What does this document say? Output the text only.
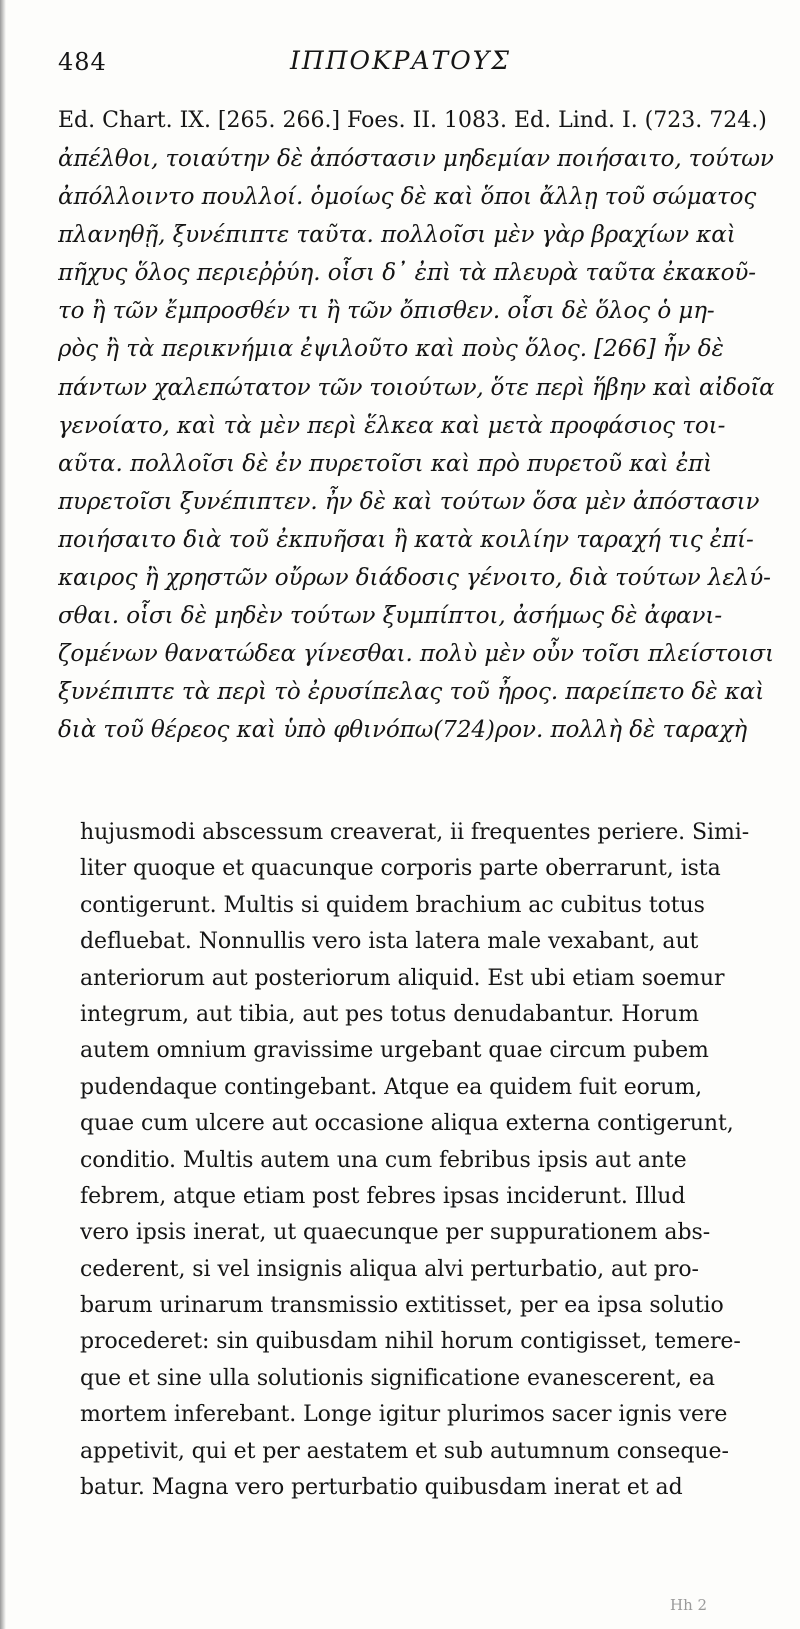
484	ΙΠΠΟΚΡΑΤΟΥΣ
Ed. Chart. IX. [265. 266.] Foes. II. 1083. Ed. Lind. I. (723. 724.)
ἀπέλθοι, τοιαύτην δὲ ἀπόστασιν μηδεμίαν ποιήσαιτο, τούτων
ἀπόλλοιντο πουλλοί. ὁμοίως δὲ καὶ ὅποι ἄλλῃ τοῦ σώματος
πλανηθῇ, ξυνέπιπτε ταῦτα. πολλοῖσι μὲν γὰρ βραχίων καὶ
πῆχυς ὅλος περιεῤῥύη. οἷσι δ᾽ ἐπὶ τὰ πλευρὰ ταῦτα ἐκακοῦ-
το ἢ τῶν ἔμπροσθέν τι ἢ τῶν ὄπισθεν. οἷσι δὲ ὅλος ὁ μη-
ρὸς ἢ τὰ περικνήμια ἐψιλοῦτο καὶ ποὺς ὅλος. [266] ἦν δὲ
πάντων χαλεπώτατον τῶν τοιούτων, ὅτε περὶ ἥβην καὶ αἰδοῖα
γενοίατο, καὶ τὰ μὲν περὶ ἕλκεα καὶ μετὰ προφάσιος τοι-
αῦτα. πολλοῖσι δὲ ἐν πυρετοῖσι καὶ πρὸ πυρετοῦ καὶ ἐπὶ
πυρετοῖσι ξυνέπιπτεν. ἦν δὲ καὶ τούτων ὅσα μὲν ἀπόστασιν
ποιήσαιτο διὰ τοῦ ἐκπυῆσαι ἢ κατὰ κοιλίην ταραχή τις ἐπί-
καιρος ἢ χρηστῶν οὔρων διάδοσις γένοιτο, διὰ τούτων λελύ-
σθαι. οἷσι δὲ μηδὲν τούτων ξυμπίπτοι, ἀσήμως δὲ ἀφανι-
ζομένων θανατώδεα γίνεσθαι. πολὺ μὲν οὖν τοῖσι πλείστοισι
ξυνέπιπτε τὰ περὶ τὸ ἐρυσίπελας τοῦ ἦρος. παρείπετο δὲ καὶ
διὰ τοῦ θέρεος καὶ ὑπὸ φθινόπω(724)ρον. πολλὴ δὲ ταραχὴ
hujusmodi abscessum creaverat, ii frequentes periere. Simi-
liter quoque et quacunque corporis parte oberrarunt, ista
contigerunt. Multis si quidem brachium ac cubitus totus
defluebat. Nonnullis vero ista latera male vexabant, aut
anteriorum aut posteriorum aliquid. Est ubi etiam soemur
integrum, aut tibia, aut pes totus denudabantur. Horum
autem omnium gravissime urgebant quae circum pubem
pudendaque contingebant. Atque ea quidem fuit eorum,
quae cum ulcere aut occasione aliqua externa contigerunt,
conditio. Multis autem una cum febribus ipsis aut ante
febrem, atque etiam post febres ipsas inciderunt. Illud
vero ipsis inerat, ut quaecunque per suppurationem abs-
cederent, si vel insignis aliqua alvi perturbatio, aut pro-
barum urinarum transmissio extitisset, per ea ipsa solutio
procederet: sin quibusdam nihil horum contigisset, temere-
que et sine ulla solutionis significatione evanescerent, ea
mortem inferebant. Longe igitur plurimos sacer ignis vere
appetivit, qui et per aestatem et sub autumnum conseque-
batur. Magna vero perturbatio quibusdam inerat et ad
Hh 2
